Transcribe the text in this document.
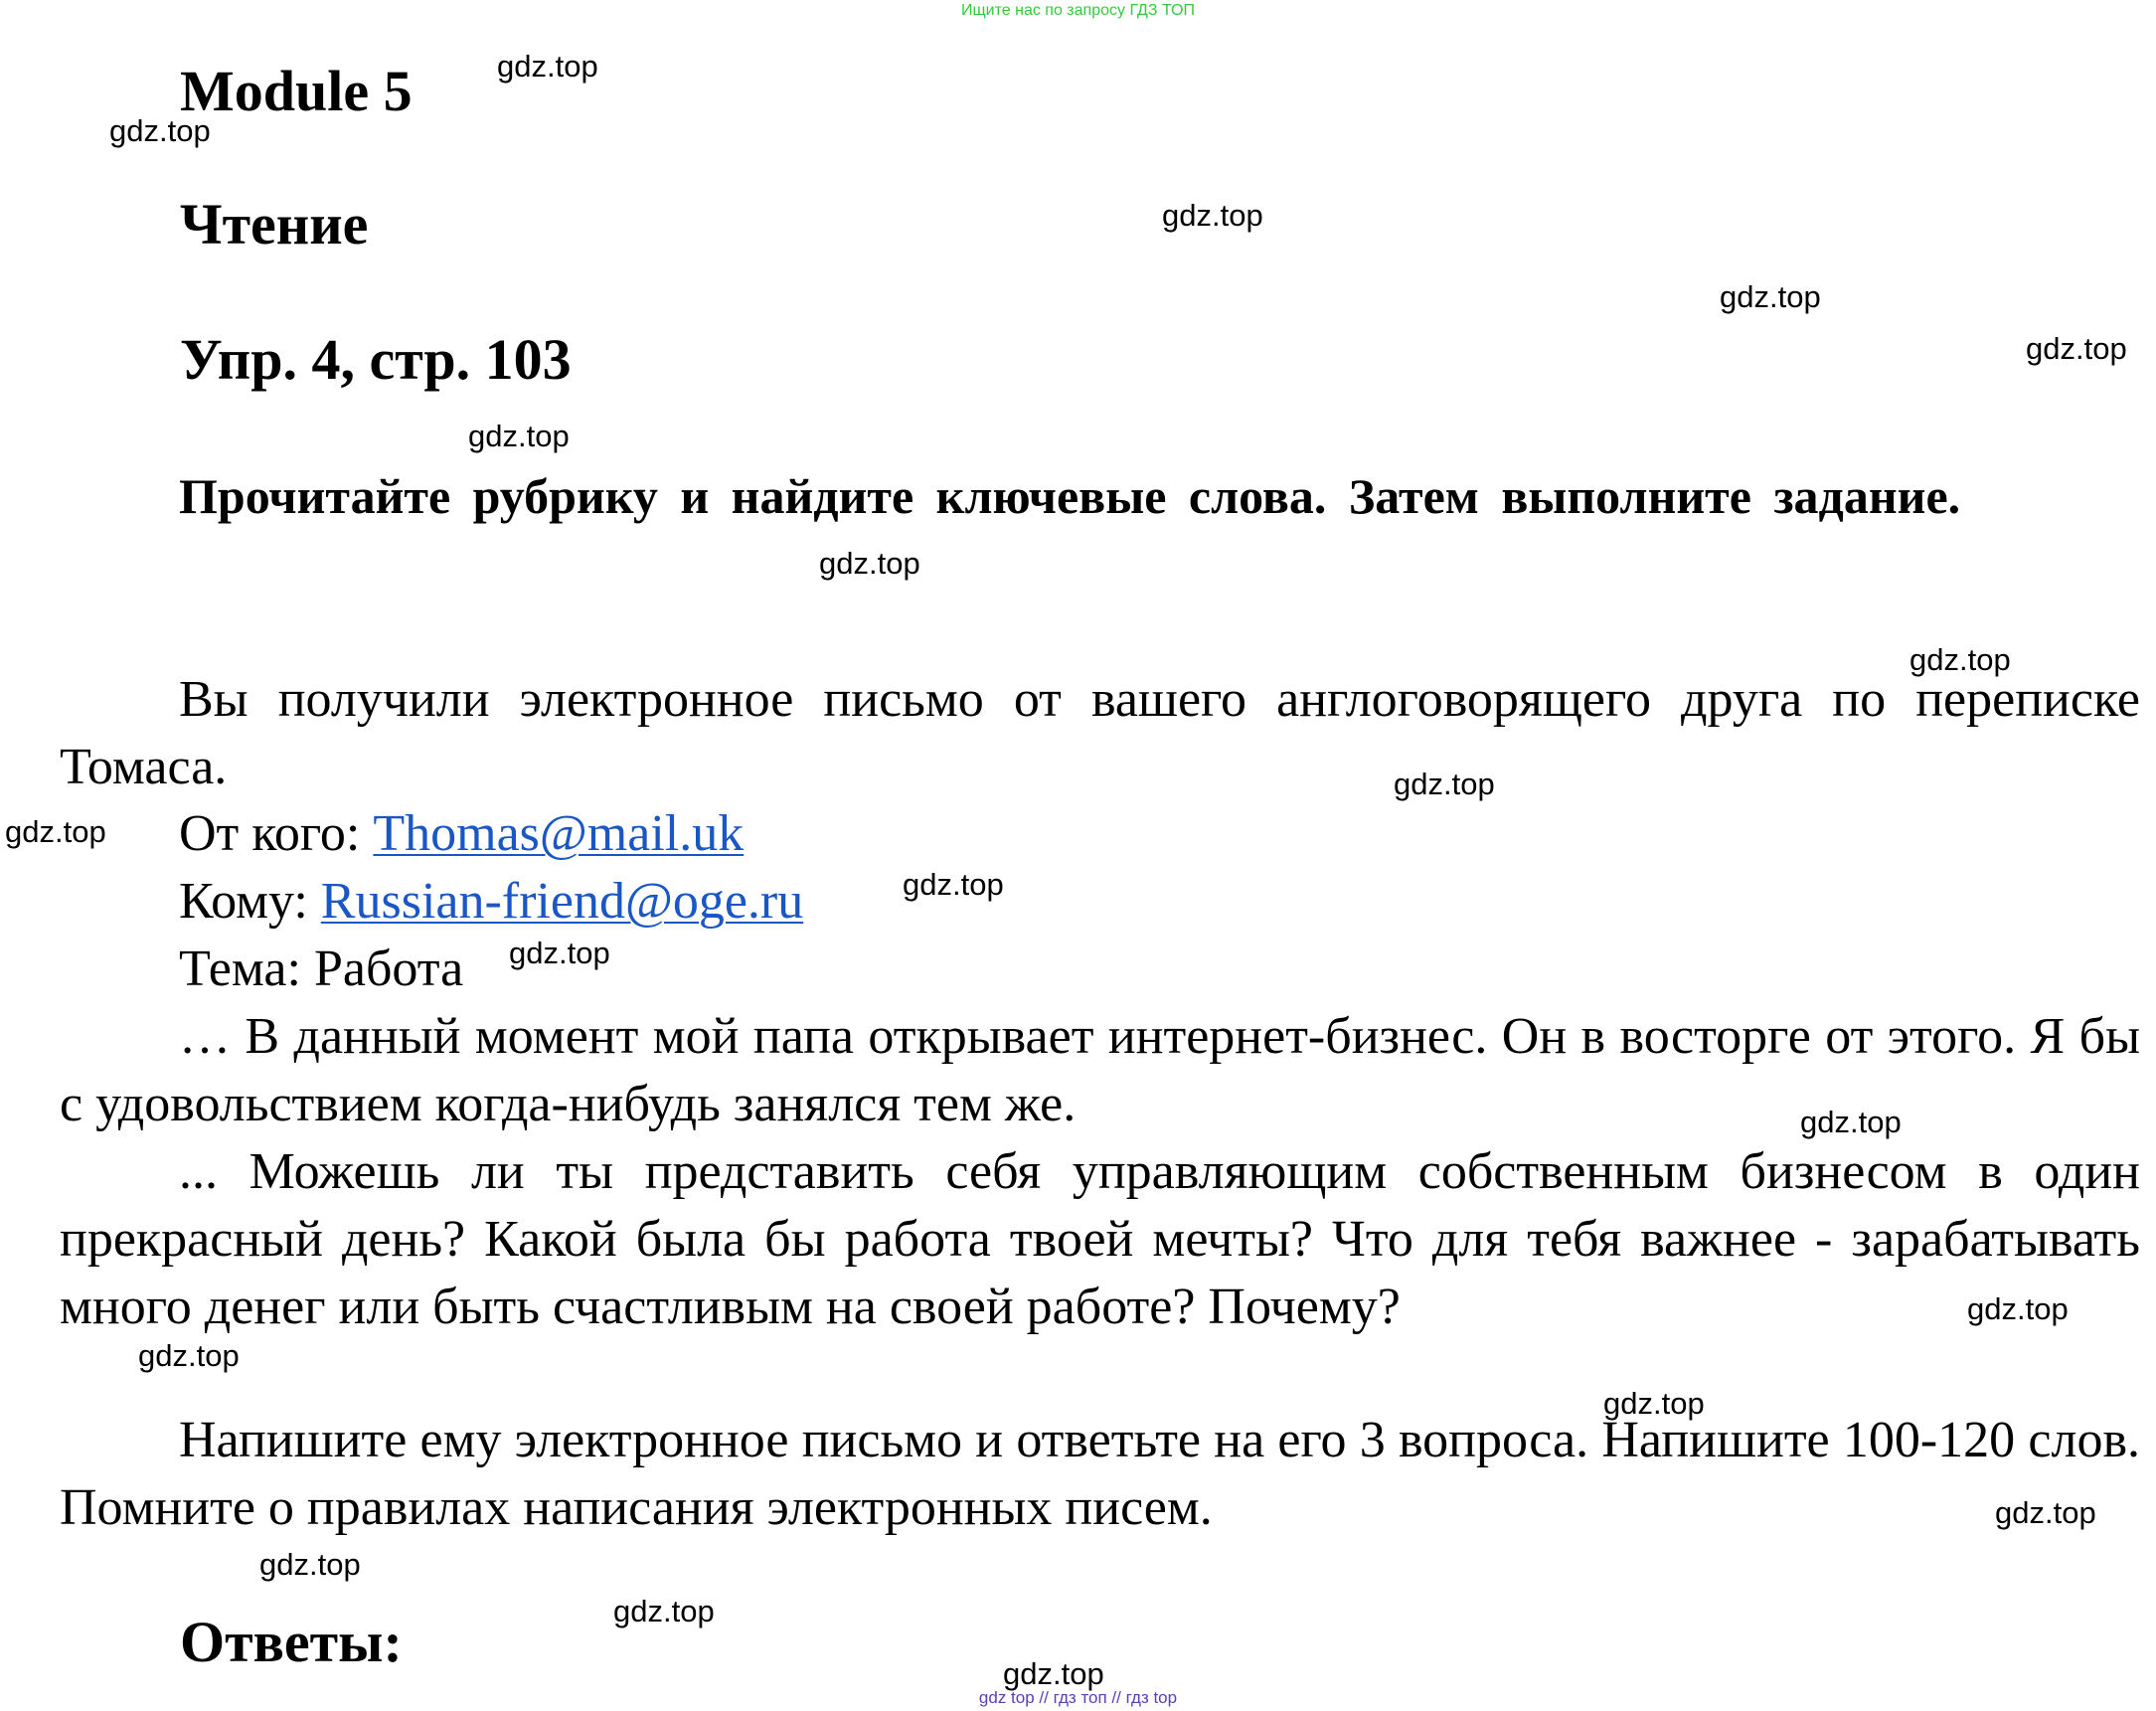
Ищите нас по запросу ГДЗ ТОП
Module 5
Чтение
Упр. 4, стр. 103
Прочитайте рубрику и найдите ключевые слова. Затем выполните задание.
Вы получили электронное письмо от вашего англоговорящего друга по переписке Томаса.
От кого: Thomas@mail.uk
Кому: Russian-friend@oge.ru
Тема: Работа
… В данный момент мой папа открывает интернет-бизнес. Он в восторге от этого. Я бы с удовольствием когда-нибудь занялся тем же.
... Можешь ли ты представить себя управляющим собственным бизнесом в один прекрасный день? Какой была бы работа твоей мечты? Что для тебя важнее - зарабатывать много денег или быть счастливым на своей работе? Почему?
Напишите ему электронное письмо и ответьте на его 3 вопроса. Напишите 100-120 слов. Помните о правилах написания электронных писем.
Ответы:
gdz.top
gdz.top
gdz.top
gdz.top
gdz.top
gdz.top
gdz.top
gdz.top
gdz.top
gdz.top
gdz.top
gdz.top
gdz.top
gdz.top
gdz.top
gdz.top
gdz.top
gdz.top
gdz.top
gdz.top
gdz top // гдз топ // гдз top
